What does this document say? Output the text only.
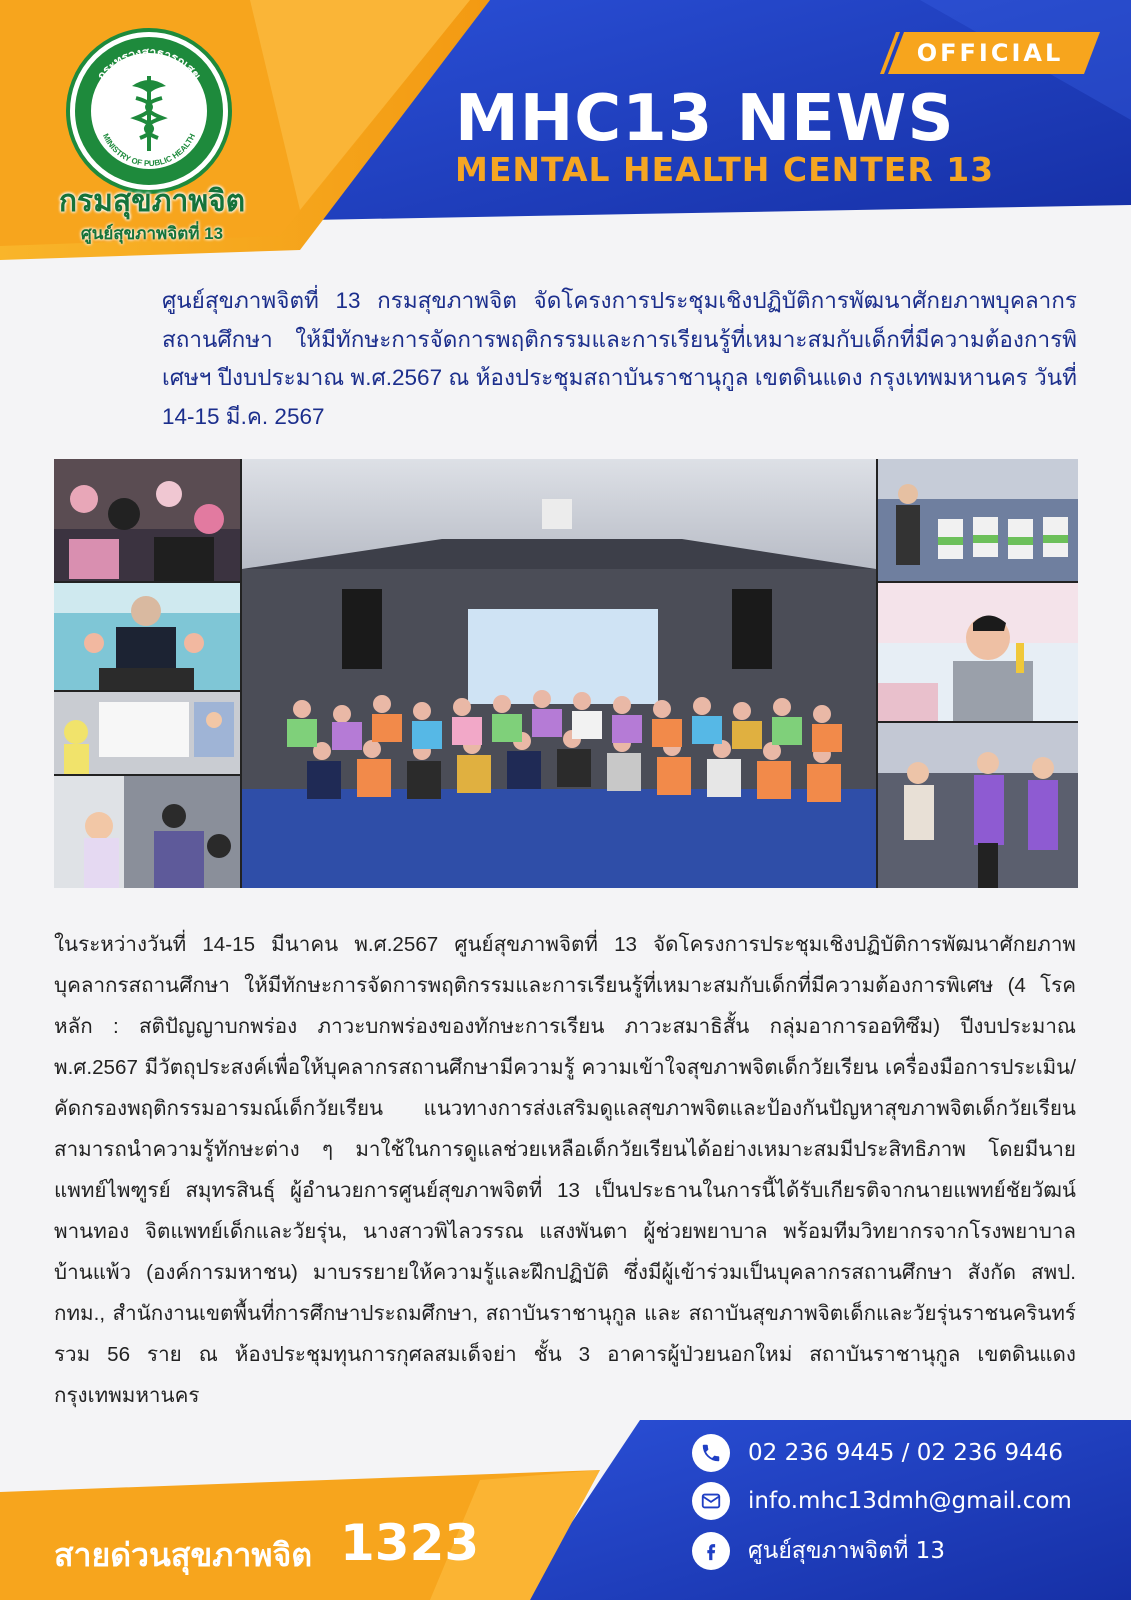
กระทรวงสาธารณสุข
MINISTRY OF PUBLIC HEALTH
กรมสุขภาพจิต
ศูนย์สุขภาพจิตที่ 13
OFFICIAL
MHC13 NEWS
MENTAL HEALTH CENTER 13
ศูนย์สุขภาพจิตที่ 13 กรมสุขภาพจิต จัดโครงการประชุมเชิงปฏิบัติการพัฒนาศักยภาพบุคลากรสถานศึกษา ให้มีทักษะการจัดการพฤติกรรมและการเรียนรู้ที่เหมาะสมกับเด็กที่มีความต้องการพิเศษฯ ปีงบประมาณ พ.ศ.2567 ณ ห้องประชุมสถาบันราชานุกูล เขตดินแดง กรุงเทพมหานคร วันที่ 14-15 มี.ค. 2567
ในระหว่างวันที่ 14-15 มีนาคน พ.ศ.2567 ศูนย์สุขภาพจิตที่ 13 จัดโครงการประชุมเชิงปฏิบัติการพัฒนาศักยภาพบุคลากรสถานศึกษา ให้มีทักษะการจัดการพฤติกรรมและการเรียนรู้ที่เหมาะสมกับเด็กที่มีความต้องการพิเศษ (4 โรคหลัก : สติปัญญาบกพร่อง ภาวะบกพร่องของทักษะการเรียน ภาวะสมาธิสั้น กลุ่มอาการออทิซึม) ปีงบประมาณ พ.ศ.2567 มีวัตถุประสงค์เพื่อให้บุคลากรสถานศึกษามีความรู้ ความเข้าใจสุขภาพจิตเด็กวัยเรียน เครื่องมือการประเมิน/คัดกรองพฤติกรรมอารมณ์เด็กวัยเรียน แนวทางการส่งเสริมดูแลสุขภาพจิตและป้องกันปัญหาสุขภาพจิตเด็กวัยเรียน สามารถนำความรู้ทักษะต่าง ๆ มาใช้ในการดูแลช่วยเหลือเด็กวัยเรียนได้อย่างเหมาะสมมีประสิทธิภาพ โดยมีนายแพทย์ไพฑูรย์ สมุทรสินธุ์ ผู้อำนวยการศูนย์สุขภาพจิตที่ 13 เป็นประธานในการนี้ได้รับเกียรติจากนายแพทย์ชัยวัฒน์ พานทอง จิตแพทย์เด็กและวัยรุ่น, นางสาวพิไลวรรณ แสงพันตา ผู้ช่วยพยาบาล พร้อมทีมวิทยากรจากโรงพยาบาลบ้านแพ้ว (องค์การมหาชน) มาบรรยายให้ความรู้และฝึกปฏิบัติ ซึ่งมีผู้เข้าร่วมเป็นบุคลากรสถานศึกษา สังกัด สพป. กทม., สำนักงานเขตพื้นที่การศึกษาประถมศึกษา, สถาบันราชานุกูล และ สถาบันสุขภาพจิตเด็กและวัยรุ่นราชนครินทร์ รวม 56 ราย ณ ห้องประชุมทุนการกุศลสมเด็จย่า ชั้น 3 อาคารผู้ป่วยนอกใหม่ สถาบันราชานุกูล เขตดินแดง กรุงเทพมหานคร
สายด่วนสุขภาพจิต 1323
02 236 9445 / 02 236 9446
info.mhc13dmh@gmail.com
ศูนย์สุขภาพจิตที่ 13
